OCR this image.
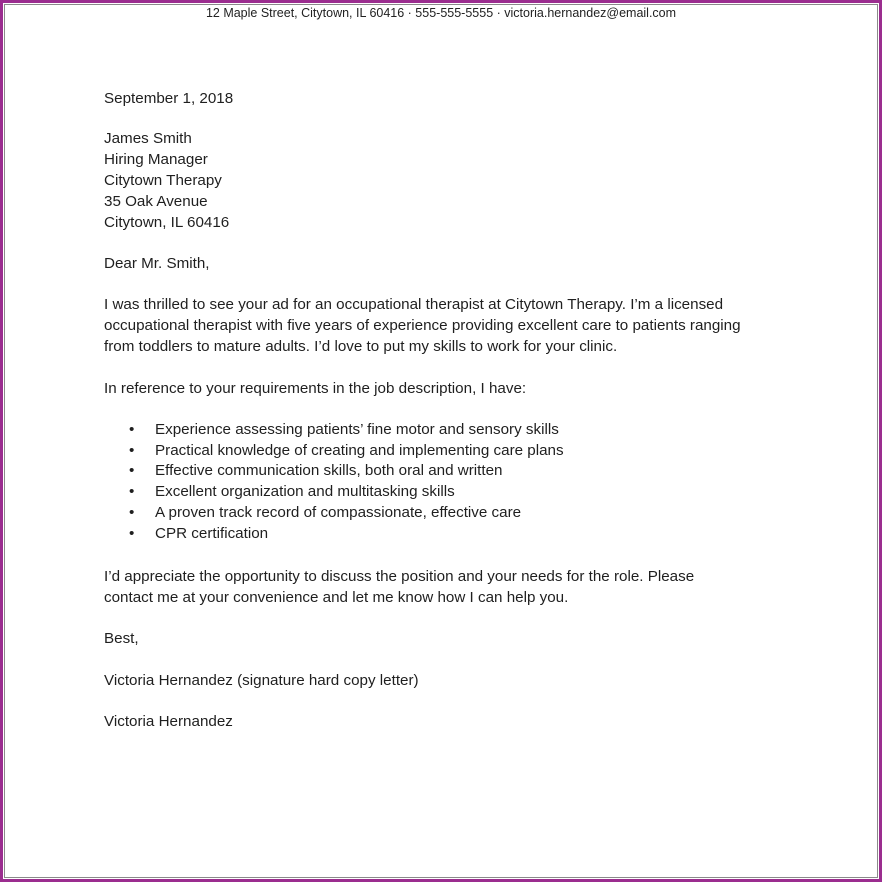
12 Maple Street, Citytown, IL 60416 · 555-555-5555 · victoria.hernandez@email.com
September 1, 2018
James Smith
Hiring Manager
Citytown Therapy
35 Oak Avenue
Citytown, IL 60416
Dear Mr. Smith,
I was thrilled to see your ad for an occupational therapist at Citytown Therapy. I’m a licensed
occupational therapist with five years of experience providing excellent care to patients ranging
from toddlers to mature adults. I’d love to put my skills to work for your clinic.
In reference to your requirements in the job description, I have:
• Experience assessing patients’ fine motor and sensory skills
• Practical knowledge of creating and implementing care plans
• Effective communication skills, both oral and written
• Excellent organization and multitasking skills
• A proven track record of compassionate, effective care
• CPR certification
I’d appreciate the opportunity to discuss the position and your needs for the role. Please
contact me at your convenience and let me know how I can help you.
Best,
Victoria Hernandez (signature hard copy letter)
Victoria Hernandez
